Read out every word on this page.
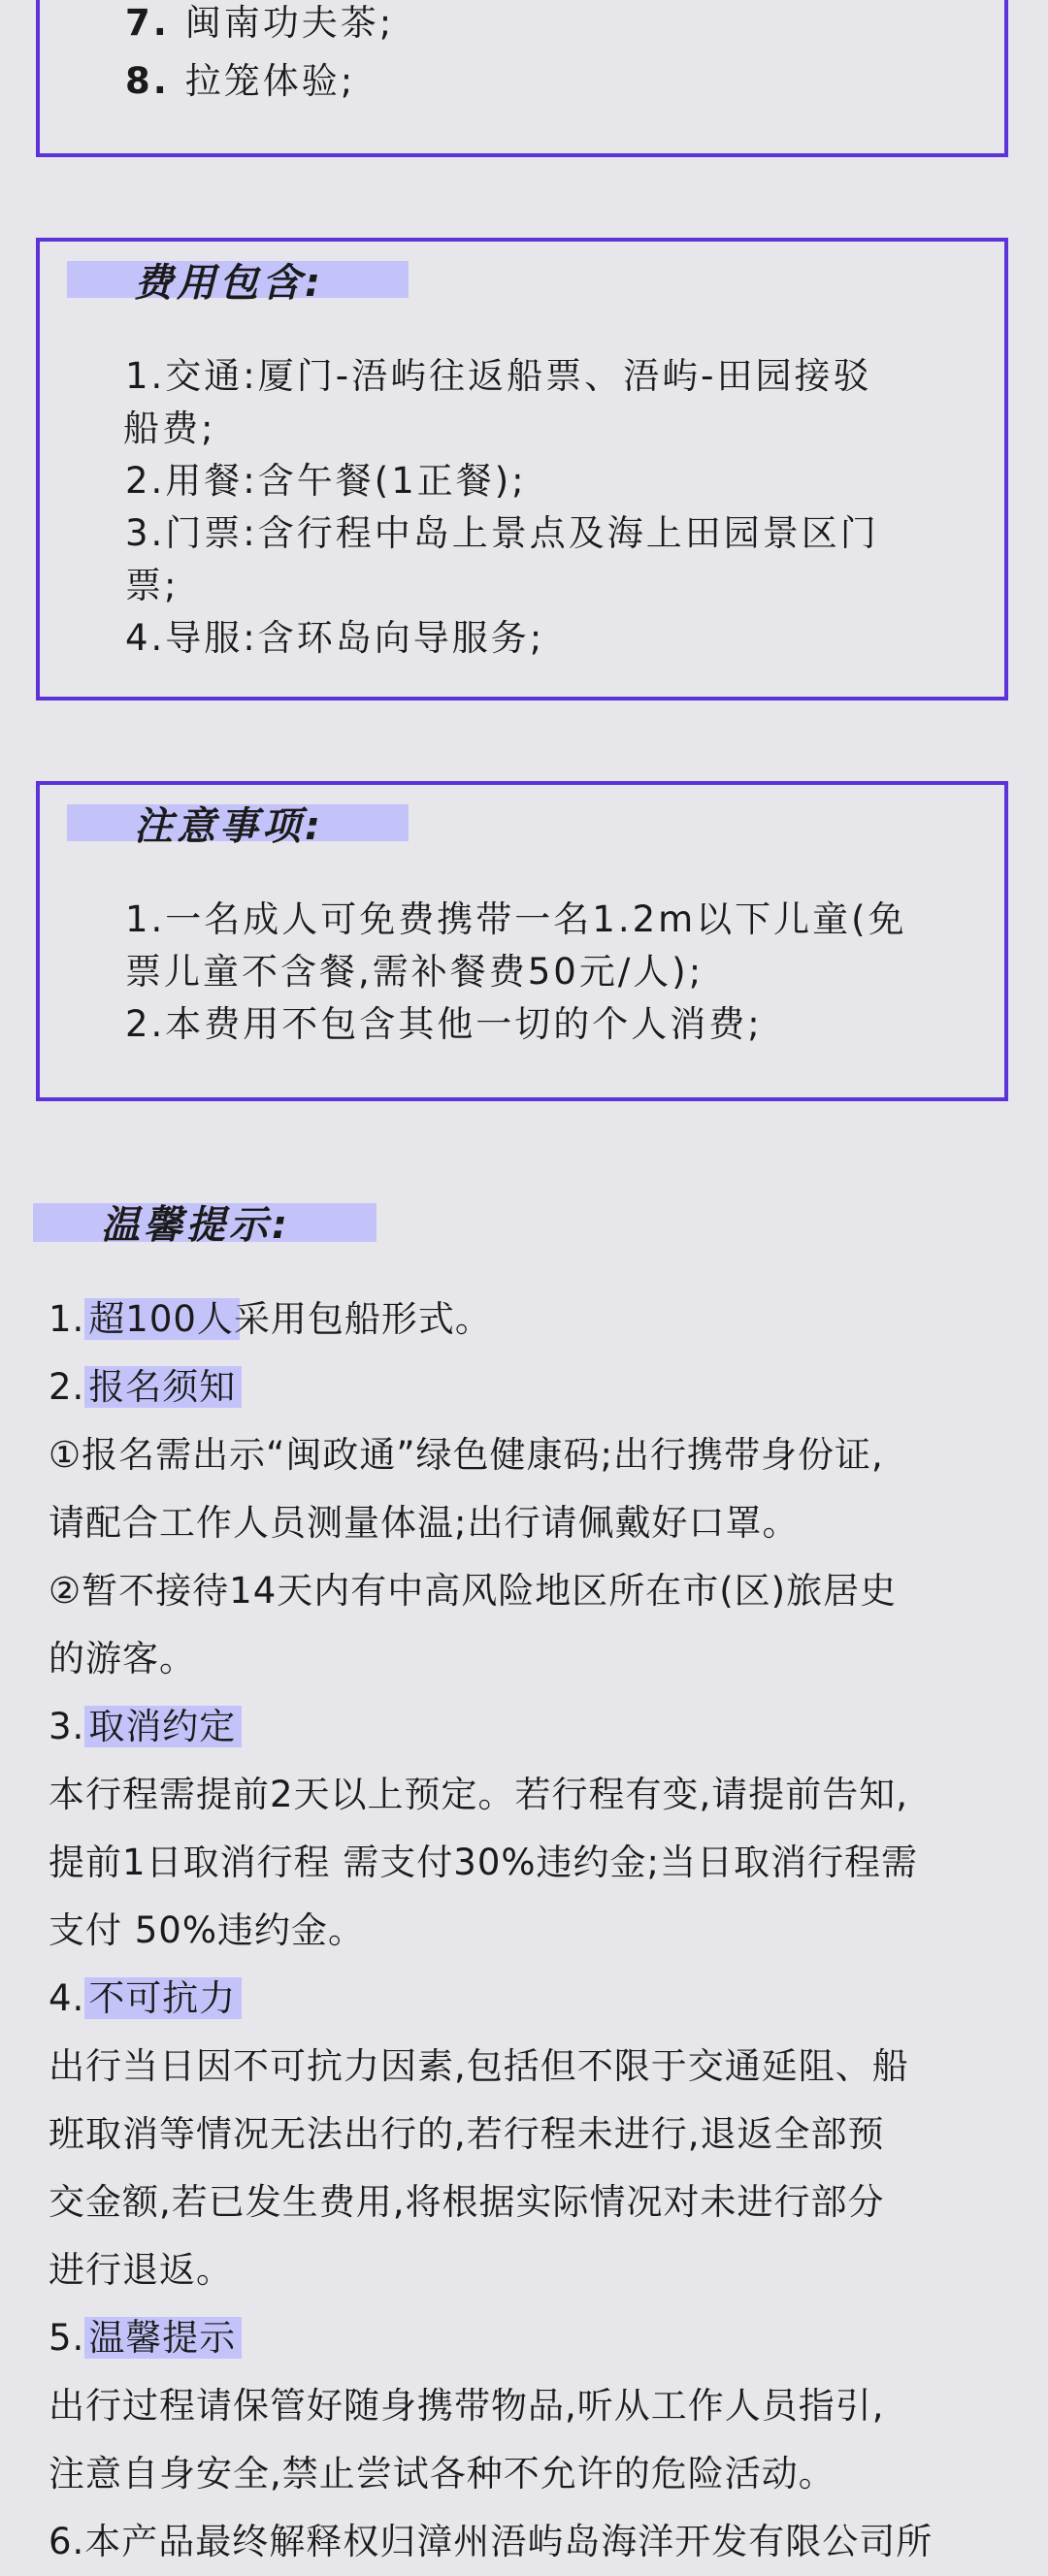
7. 闽南功夫茶;
8. 拉笼体验;
费用包含:
1.交通:厦门-浯屿往返船票、浯屿-田园接驳
船费;
2.用餐:含午餐(1正餐);
3.门票:含行程中岛上景点及海上田园景区门
票;
4.导服:含环岛向导服务;
注意事项:
1.一名成人可免费携带一名1.2m以下儿童(免
票儿童不含餐,需补餐费50元/人);
2.本费用不包含其他一切的个人消费;
温馨提示:

1. 超100人采用包船形式。

2. 报名须知

①报名需出示“闽政通”绿色健康码;出行携带身份证,

请配合工作人员测量体温;出行请佩戴好口罩。

②暂不接待14天内有中高风险地区所在市(区)旅居史

的游客。

3. 取消约定

本行程需提前2天以上预定。若行程有变,请提前告知,

提前1日取消行程 需支付30%违约金;当日取消行程需

支付 50%违约金。

4. 不可抗力

出行当日因不可抗力因素,包括但不限于交通延阻、船

班取消等情况无法出行的,若行程未进行,退返全部预

交金额,若已发生费用,将根据实际情况对未进行部分

进行退返。

5. 温馨提示

出行过程请保管好随身携带物品,听从工作人员指引,

注意自身安全,禁止尝试各种不允许的危险活动。

6.本产品最终解释权归漳州浯屿岛海洋开发有限公司所
